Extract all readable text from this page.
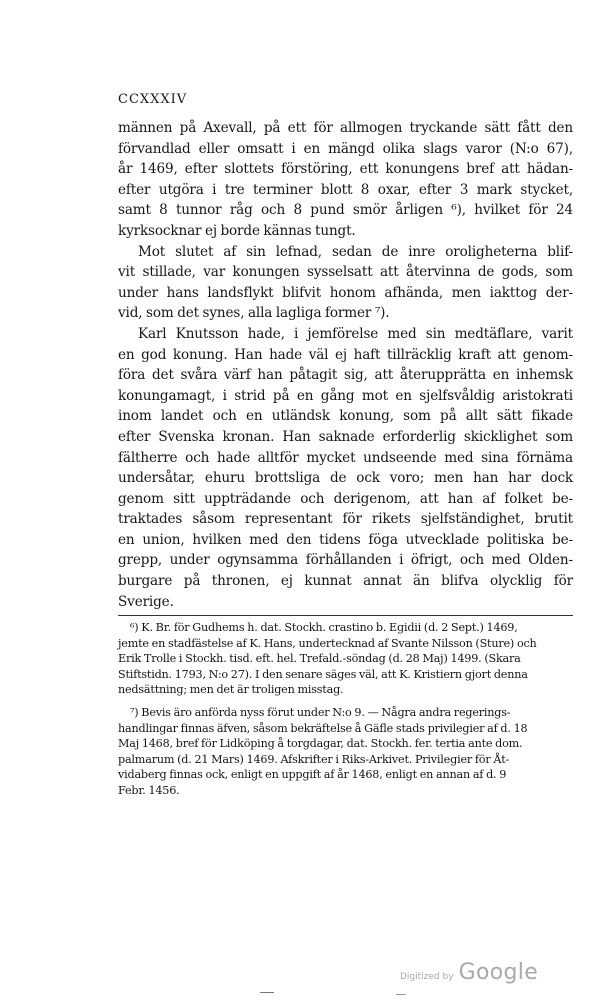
CCXXXIV
männen på Axevall, på ett för allmogen tryckande sätt fått den
förvandlad eller omsatt i en mängd olika slags varor (N:o 67),
år 1469, efter slottets förstöring, ett konungens bref att hädan-
efter utgöra i tre terminer blott 8 oxar, efter 3 mark stycket,
samt 8 tunnor råg och 8 pund smör årligen ⁶), hvilket för 24
kyrksocknar ej borde kännas tungt.
Mot slutet af sin lefnad, sedan de inre oroligheterna blif-
vit stillade, var konungen sysselsatt att återvinna de gods, som
under hans landsflykt blifvit honom afhända, men iakttog der-
vid, som det synes, alla lagliga former ⁷).
Karl Knutsson hade, i jemförelse med sin medtäflare, varit
en god konung. Han hade väl ej haft tillräcklig kraft att genom-
föra det svåra värf han påtagit sig, att återupprätta en inhemsk
konungamagt, i strid på en gång mot en sjelfsvåldig aristokrati
inom landet och en utländsk konung, som på allt sätt fikade
efter Svenska kronan. Han saknade erforderlig skicklighet som
fältherre och hade alltför mycket undseende med sina förnäma
undersåtar, ehuru brottsliga de ock voro; men han har dock
genom sitt uppträdande och derigenom, att han af folket be-
traktades såsom representant för rikets sjelfständighet, brutit
en union, hvilken med den tidens föga utvecklade politiska be-
grepp, under ogynsamma förhållanden i öfrigt, och med Olden-
burgare på thronen, ej kunnat annat än blifva olycklig för
Sverige.
⁶) K. Br. för Gudhems h. dat. Stockh. crastino b. Egidii (d. 2 Sept.) 1469,
jemte en stadfästelse af K. Hans, undertecknad af Svante Nilsson (Sture) och
Erik Trolle i Stockh. tisd. eft. hel. Trefald.-söndag (d. 28 Maj) 1499. (Skara
Stiftstidn. 1793, N:o 27). I den senare säges väl, att K. Kristiern gjort denna
nedsättning; men det är troligen misstag.
⁷) Bevis äro anförda nyss förut under N:o 9. — Några andra regerings-
handlingar finnas äfven, såsom bekräftelse å Gäfle stads privilegier af d. 18
Maj 1468, bref för Lidköping å torgdagar, dat. Stockh. fer. tertia ante dom.
palmarum (d. 21 Mars) 1469. Afskrifter i Riks-Arkivet. Privilegier för Åt-
vidaberg finnas ock, enligt en uppgift af år 1468, enligt en annan af d. 9
Febr. 1456.
Digitized by Google
